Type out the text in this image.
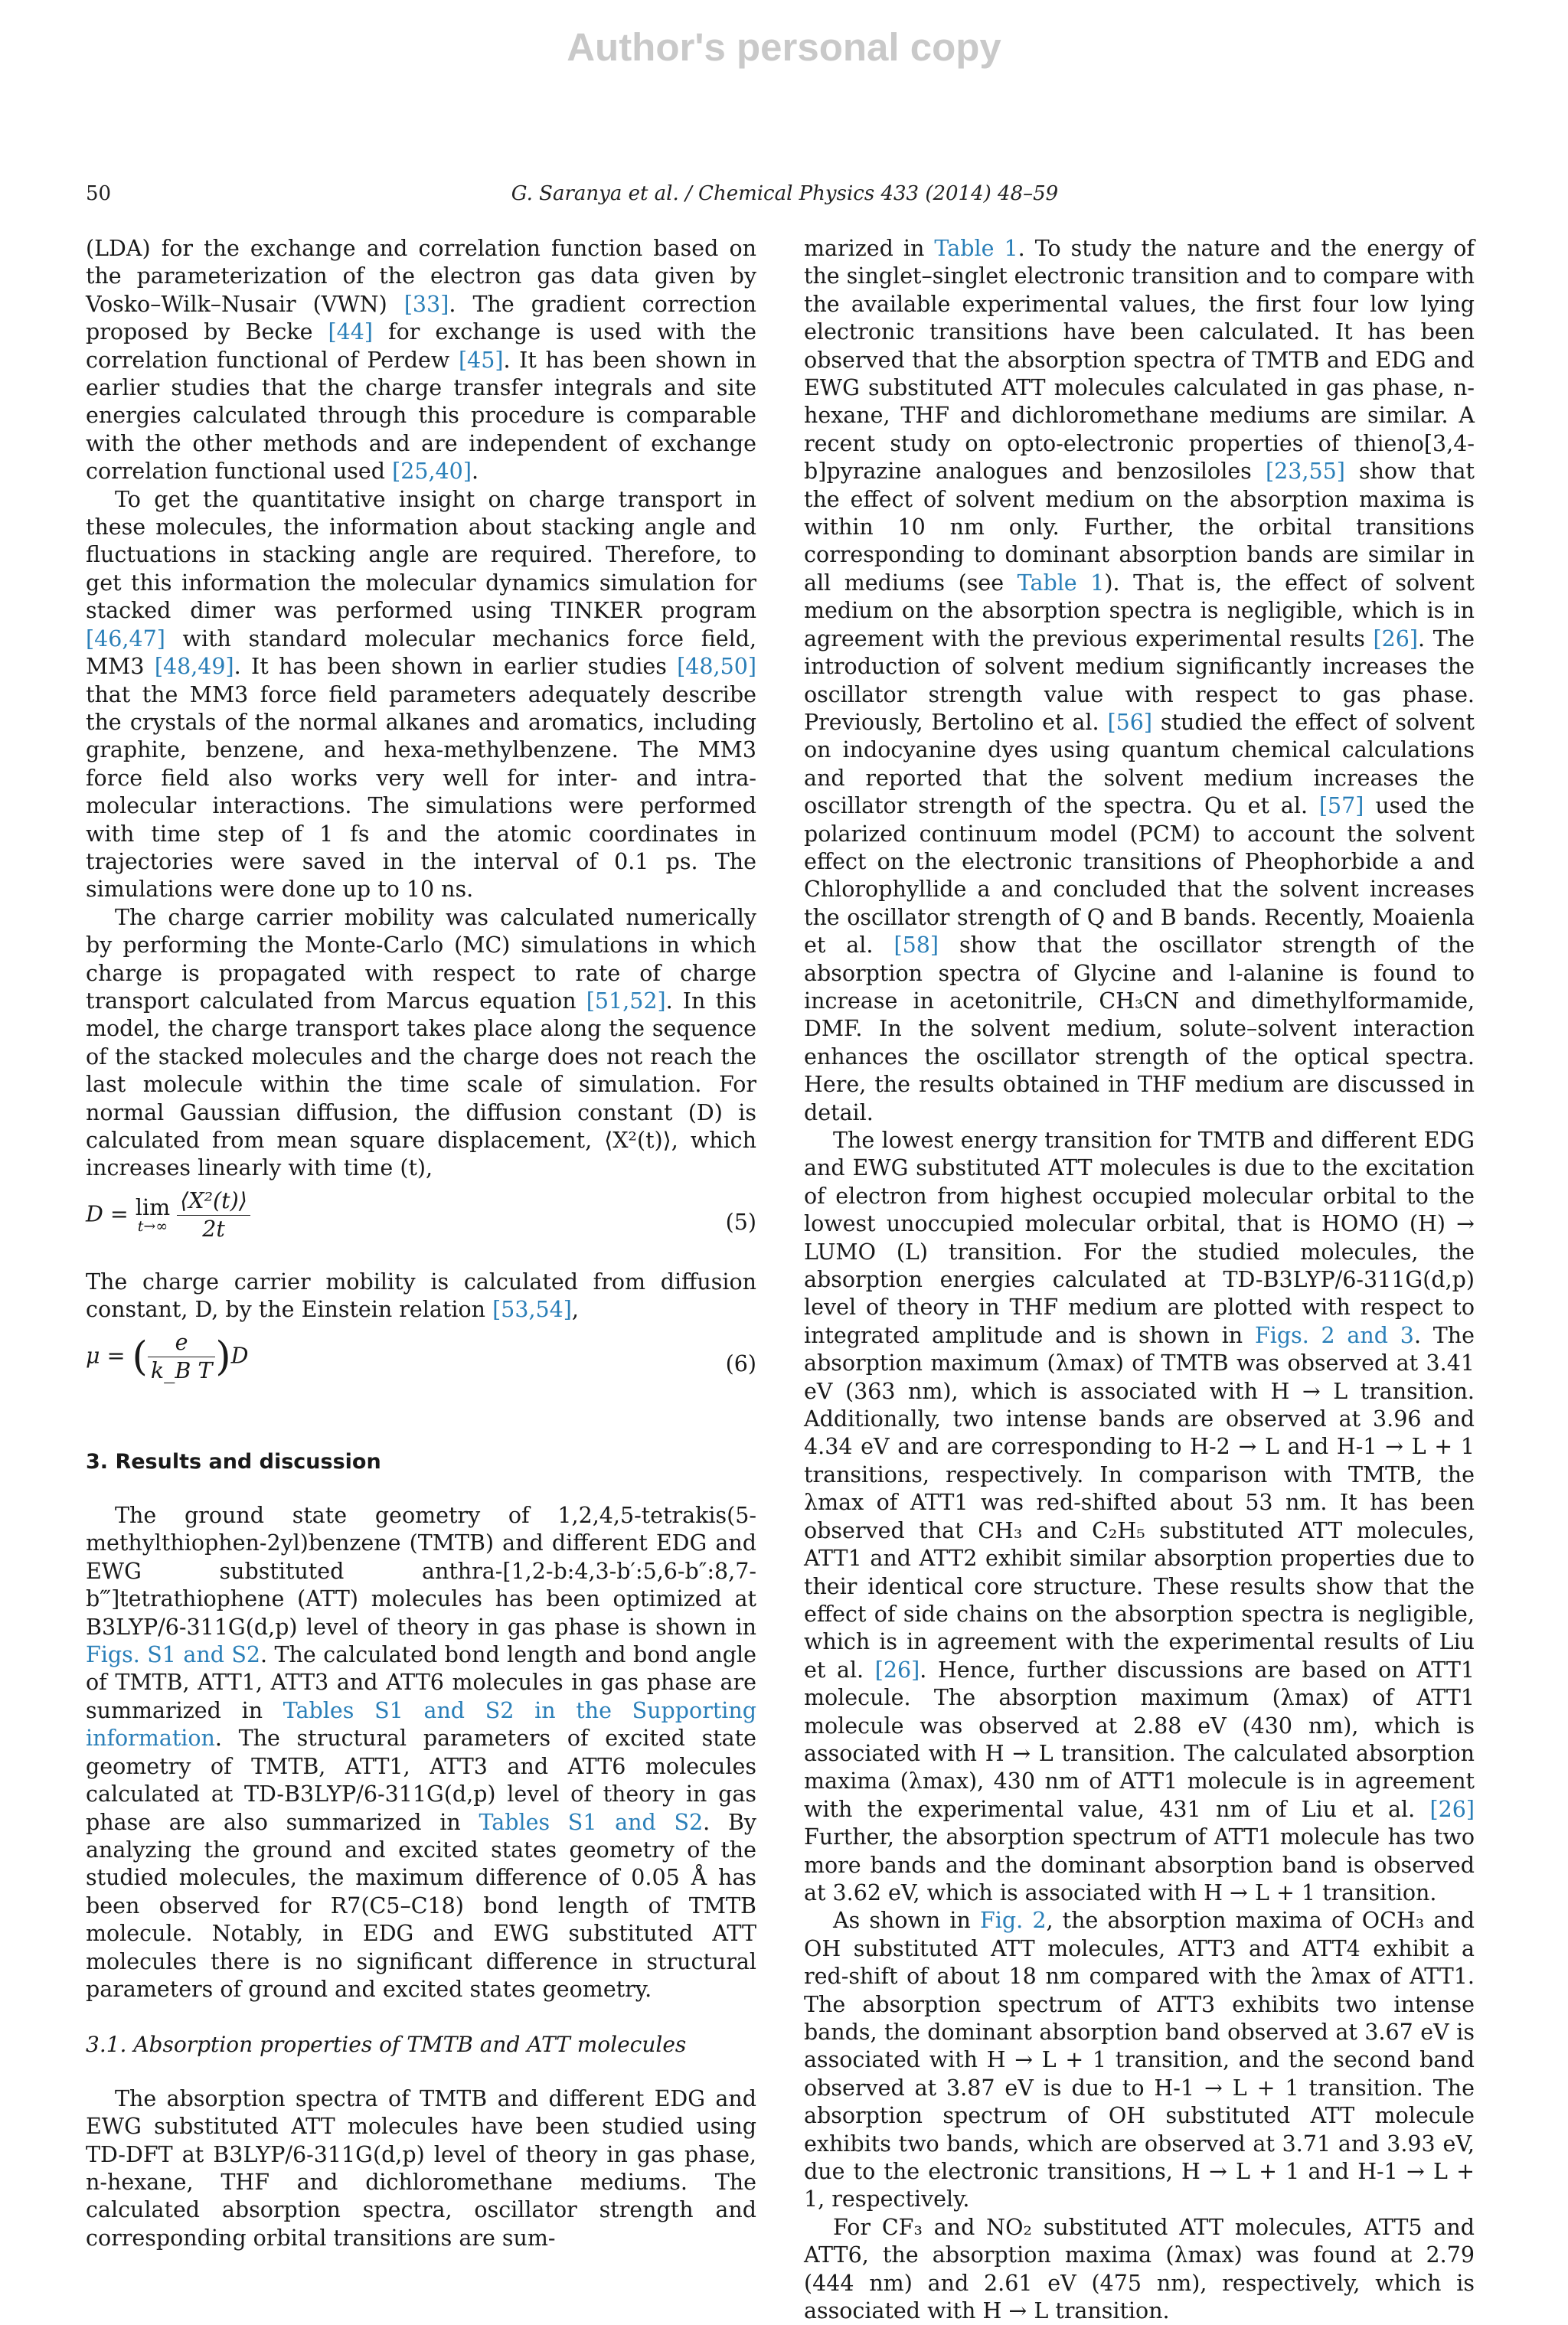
Author's personal copy
50	G. Saranya et al. / Chemical Physics 433 (2014) 48–59

(LDA) for the exchange and correlation function based on the parameterization of the electron gas data given by Vosko–Wilk–Nusair (VWN) [33]. The gradient correction proposed by Becke [44] for exchange is used with the correlation functional of Perdew [45]. It has been shown in earlier studies that the charge transfer integrals and site energies calculated through this procedure is comparable with the other methods and are independent of exchange correlation functional used [25,40].

To get the quantitative insight on charge transport in these molecules, the information about stacking angle and fluctuations in stacking angle are required. Therefore, to get this information the molecular dynamics simulation for stacked dimer was performed using TINKER program [46,47] with standard molecular mechanics force field, MM3 [48,49]. It has been shown in earlier studies [48,50] that the MM3 force field parameters adequately describe the crystals of the normal alkanes and aromatics, including graphite, benzene, and hexa-methylbenzene. The MM3 force field also works very well for inter- and intra-molecular interactions. The simulations were performed with time step of 1 fs and the atomic coordinates in trajectories were saved in the interval of 0.1 ps. The simulations were done up to 10 ns.

The charge carrier mobility was calculated numerically by performing the Monte-Carlo (MC) simulations in which charge is propagated with respect to rate of charge transport calculated from Marcus equation [51,52]. In this model, the charge transport takes place along the sequence of the stacked molecules and the charge does not reach the last molecule within the time scale of simulation. For normal Gaussian diffusion, the diffusion constant (D) is calculated from mean square displacement, ⟨X²(t)⟩, which increases linearly with time (t),

D = lim
t→∞
$\frac{\text{⟨X²(t)⟩}}{2t}$	(5)

The charge carrier mobility is calculated from diffusion constant, D, by the Einstein relation [53,54],

μ = ( $\frac{e}{\text{k\_B T}} )D$	(6)
3. Results and discussion

The ground state geometry of 1,2,4,5-tetrakis(5-methylthiophen-2yl)benzene (TMTB) and different EDG and EWG substituted anthra-[1,2-b:4,3-b′:5,6-b″:8,7-b‴]tetrathiophene (ATT) molecules has been optimized at B3LYP/6-311G(d,p) level of theory in gas phase is shown in Figs. S1 and S2. The calculated bond length and bond angle of TMTB, ATT1, ATT3 and ATT6 molecules in gas phase are summarized in Tables S1 and S2 in the Supporting information. The structural parameters of excited state geometry of TMTB, ATT1, ATT3 and ATT6 molecules calculated at TD-B3LYP/6-311G(d,p) level of theory in gas phase are also summarized in Tables S1 and S2. By analyzing the ground and excited states geometry of the studied molecules, the maximum difference of 0.05 Å has been observed for R7(C5–C18) bond length of TMTB molecule. Notably, in EDG and EWG substituted ATT molecules there is no significant difference in structural parameters of ground and excited states geometry.

3.1. Absorption properties of TMTB and ATT molecules

The absorption spectra of TMTB and different EDG and EWG substituted ATT molecules have been studied using TD-DFT at B3LYP/6-311G(d,p) level of theory in gas phase, n-hexane, THF and dichloromethane mediums. The calculated absorption spectra, oscillator strength and corresponding orbital transitions are sum-

marized in Table 1. To study the nature and the energy of the singlet–singlet electronic transition and to compare with the available experimental values, the first four low lying electronic transitions have been calculated. It has been observed that the absorption spectra of TMTB and EDG and EWG substituted ATT molecules calculated in gas phase, n-hexane, THF and dichloromethane mediums are similar. A recent study on opto-electronic properties of thieno[3,4-b]pyrazine analogues and benzosiloles [23,55] show that the effect of solvent medium on the absorption maxima is within 10 nm only. Further, the orbital transitions corresponding to dominant absorption bands are similar in all mediums (see Table 1). That is, the effect of solvent medium on the absorption spectra is negligible, which is in agreement with the previous experimental results [26]. The introduction of solvent medium significantly increases the oscillator strength value with respect to gas phase. Previously, Bertolino et al. [56] studied the effect of solvent on indocyanine dyes using quantum chemical calculations and reported that the solvent medium increases the oscillator strength of the spectra. Qu et al. [57] used the polarized continuum model (PCM) to account the solvent effect on the electronic transitions of Pheophorbide a and Chlorophyllide a and concluded that the solvent increases the oscillator strength of Q and B bands. Recently, Moaienla et al. [58] show that the oscillator strength of the absorption spectra of Glycine and l-alanine is found to increase in acetonitrile, CH₃CN and dimethylformamide, DMF. In the solvent medium, solute–solvent interaction enhances the oscillator strength of the optical spectra. Here, the results obtained in THF medium are discussed in detail.

The lowest energy transition for TMTB and different EDG and EWG substituted ATT molecules is due to the excitation of electron from highest occupied molecular orbital to the lowest unoccupied molecular orbital, that is HOMO (H) → LUMO (L) transition. For the studied molecules, the absorption energies calculated at TD-B3LYP/6-311G(d,p) level of theory in THF medium are plotted with respect to integrated amplitude and is shown in Figs. 2 and 3. The absorption maximum (λmax) of TMTB was observed at 3.41 eV (363 nm), which is associated with H → L transition. Additionally, two intense bands are observed at 3.96 and 4.34 eV and are corresponding to H-2 → L and H-1 → L + 1 transitions, respectively. In comparison with TMTB, the λmax of ATT1 was red-shifted about 53 nm. It has been observed that CH₃ and C₂H₅ substituted ATT molecules, ATT1 and ATT2 exhibit similar absorption properties due to their identical core structure. These results show that the effect of side chains on the absorption spectra is negligible, which is in agreement with the experimental results of Liu et al. [26]. Hence, further discussions are based on ATT1 molecule. The absorption maximum (λmax) of ATT1 molecule was observed at 2.88 eV (430 nm), which is associated with H → L transition. The calculated absorption maxima (λmax), 430 nm of ATT1 molecule is in agreement with the experimental value, 431 nm of Liu et al. [26] Further, the absorption spectrum of ATT1 molecule has two more bands and the dominant absorption band is observed at 3.62 eV, which is associated with H → L + 1 transition.

As shown in Fig. 2, the absorption maxima of OCH₃ and OH substituted ATT molecules, ATT3 and ATT4 exhibit a red-shift of about 18 nm compared with the λmax of ATT1. The absorption spectrum of ATT3 exhibits two intense bands, the dominant absorption band observed at 3.67 eV is associated with H → L + 1 transition, and the second band observed at 3.87 eV is due to H-1 → L + 1 transition. The absorption spectrum of OH substituted ATT molecule exhibits two bands, which are observed at 3.71 and 3.93 eV, due to the electronic transitions, H → L + 1 and H-1 → L + 1, respectively.

For CF₃ and NO₂ substituted ATT molecules, ATT5 and ATT6, the absorption maxima (λmax) was found at 2.79 (444 nm) and 2.61 eV (475 nm), respectively, which is associated with H → L transition.
